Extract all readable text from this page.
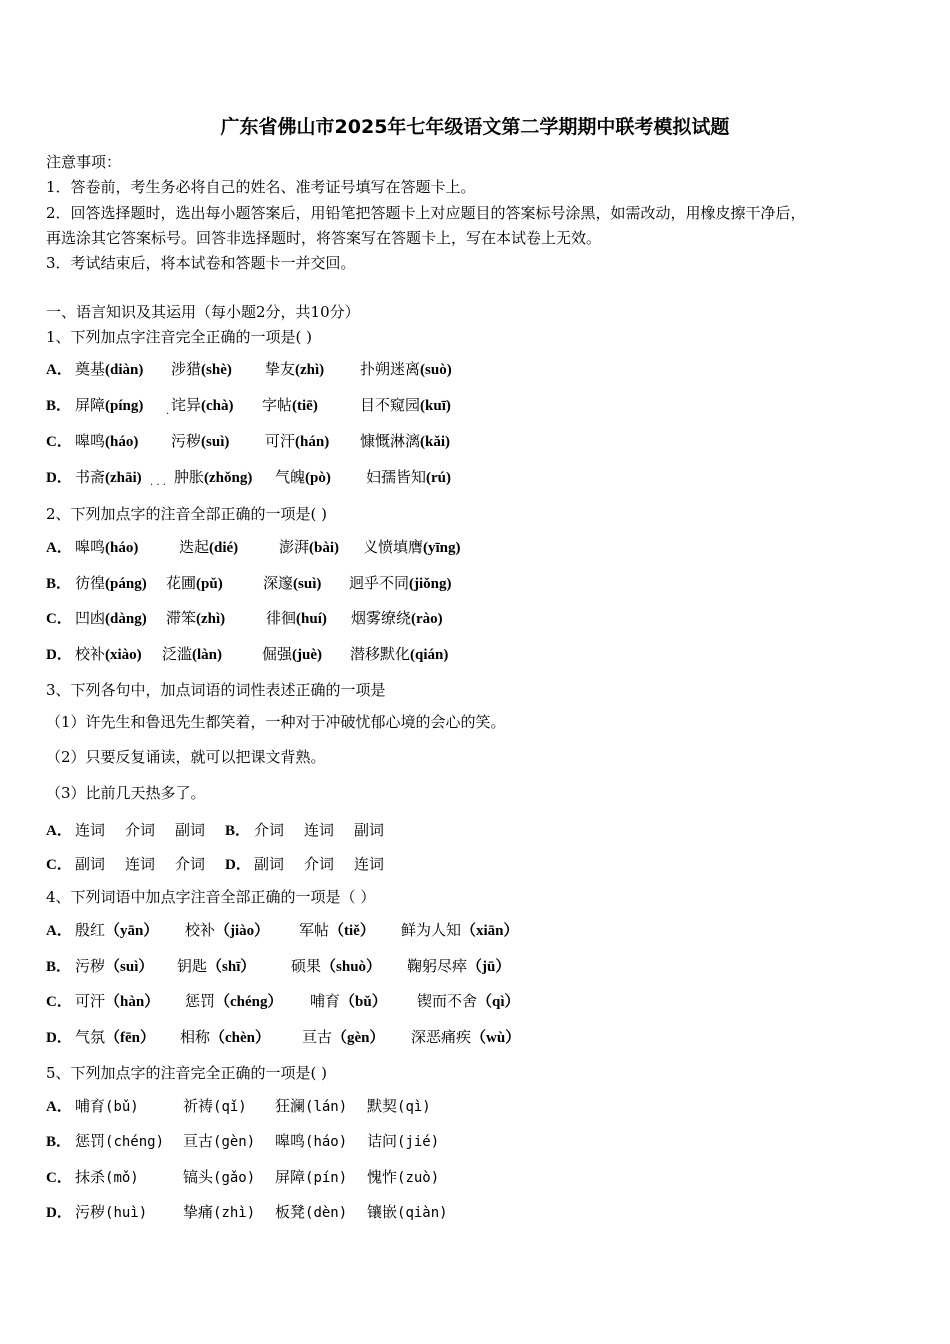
广东省佛山市2025年七年级语文第二学期期中联考模拟试题
注意事项：
1．答卷前，考生务必将自己的姓名、准考证号填写在答题卡上。
2．回答选择题时，选出每小题答案后，用铅笔把答题卡上对应题目的答案标号涂黑，如需改动，用橡皮擦干净后，
再选涂其它答案标号。回答非选择题时，将答案写在答题卡上，写在本试卷上无效。
3．考试结束后，将本试卷和答题卡一并交回。
一、语言知识及其运用（每小题2分，共10分）
1、下列加点字注音完全正确的一项是( )
A． 奠基(diàn) 涉猎(shè) 挚友(zhì) 扑朔迷离(suò)
B． 屏障(píng) 诧异(chà) 字帖(tiē)	目不窥园(kuī)
C． 嗥鸣(háo) 污秽(suì) 可汗(hán) 慷慨淋漓(kǎi)
D． 书斋(zhāi) 肿胀(zhǒng) 气魄(pò) 妇孺皆知(rú)
2、下列加点字的注音全部正确的一项是( )
A． 嗥鸣(háo)	迭起(dié)	澎湃(bài) 义愤填膺(yīng)
B． 彷徨(páng) 花圃(pǔ)	深邃(suì) 迥乎不同(jiǒng)
C． 凹凼(dàng) 滞笨(zhì)	徘徊(huí) 烟雾缭绕(rào)
D． 校补(xiào) 泛滥(làn)	倔强(juè) 潜移默化(qián)
3、下列各句中，加点词语的词性表述正确的一项是
（1）许先生和鲁迅先生都笑着，一种对于冲破忧郁心境的会心的笑。
（2）只要反复诵读，就可以把课文背熟。
（3）比前几天热多了。
A． 连词 介词 副词 B． 介词 连词 副词
C． 副词 连词 介词 D． 副词 介词 连词
4、下列词语中加点字注音全部正确的一项是（ ）
A． 殷红（yān） 校补（jiào） 军帖（tiě） 鲜为人知（xiān）
B． 污秽（suì） 钥匙（shī） 硕果（shuò） 鞠躬尽瘁（jū）
C． 可汗（hàn） 惩罚（chéng） 哺育（bǔ） 锲而不舍（qì）
D． 气氛（fēn） 相称（chèn） 亘古（gèn） 深恶痛疾（wù）
5、下列加点字的注音完全正确的一项是( )
A． 哺育(bǔ)	祈祷(qǐ) 狂澜(lán) 默契(qì)
B． 惩罚(chéng) 亘古(gèn) 嗥鸣(háo) 诘问(jié)
C． 抹杀(mǒ)	镐头(gǎo) 屏障(pín) 愧怍(zuò)
D． 污秽(huì) 挚痛(zhì) 板凳(dèn) 镶嵌(qiàn)
.
. . .
